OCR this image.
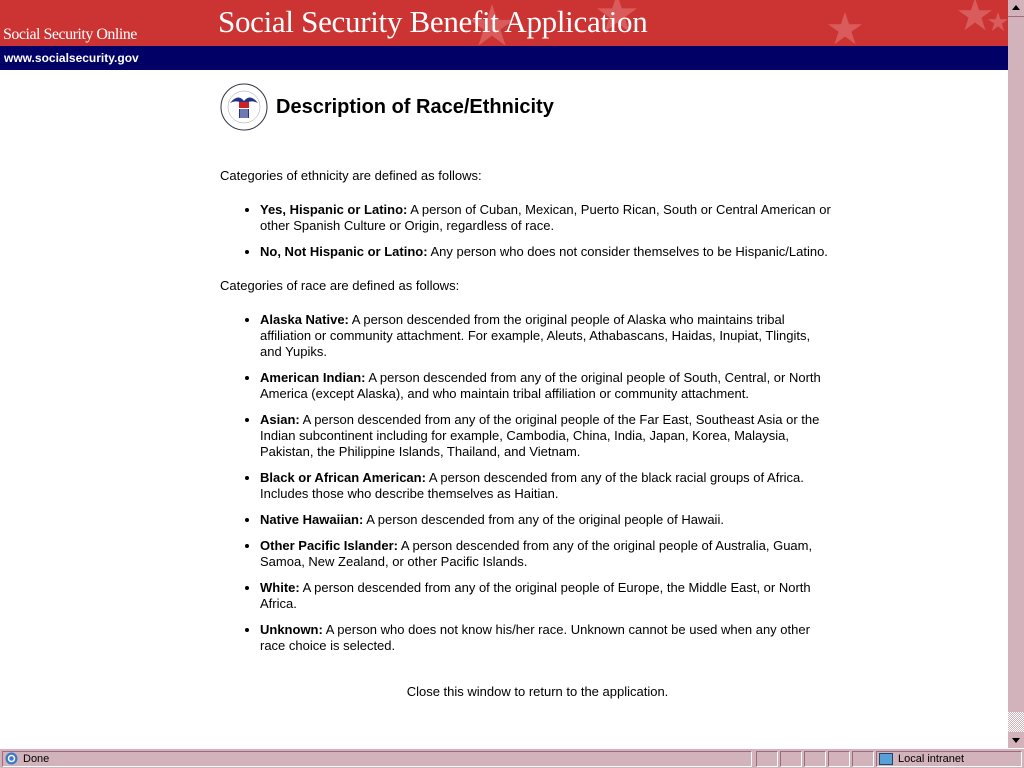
Social Security Online	Social Security Benefit Application
www.socialsecurity.gov
Description of Race/Ethnicity

Categories of ethnicity are defined as follows:

• Yes, Hispanic or Latino: A person of Cuban, Mexican, Puerto Rican, South or Central American or other Spanish Culture or Origin, regardless of race.
• No, Not Hispanic or Latino: Any person who does not consider themselves to be Hispanic/Latino.

Categories of race are defined as follows:

• Alaska Native: A person descended from the original people of Alaska who maintains tribal affiliation or community attachment. For example, Aleuts, Athabascans, Haidas, Inupiat, Tlingits, and Yupiks.
• American Indian: A person descended from any of the original people of South, Central, or North America (except Alaska), and who maintain tribal affiliation or community attachment.
• Asian: A person descended from any of the original people of the Far East, Southeast Asia or the Indian subcontinent including for example, Cambodia, China, India, Japan, Korea, Malaysia, Pakistan, the Philippine Islands, Thailand, and Vietnam.
• Black or African American: A person descended from any of the black racial groups of Africa. Includes those who describe themselves as Haitian.
• Native Hawaiian: A person descended from any of the original people of Hawaii.
• Other Pacific Islander: A person descended from any of the original people of Australia, Guam, Samoa, New Zealand, or other Pacific Islands.
• White: A person descended from any of the original people of Europe, the Middle East, or North Africa.
• Unknown: A person who does not know his/her race. Unknown cannot be used when any other race choice is selected.
Close this window to return to the application.
Done	Local intranet
